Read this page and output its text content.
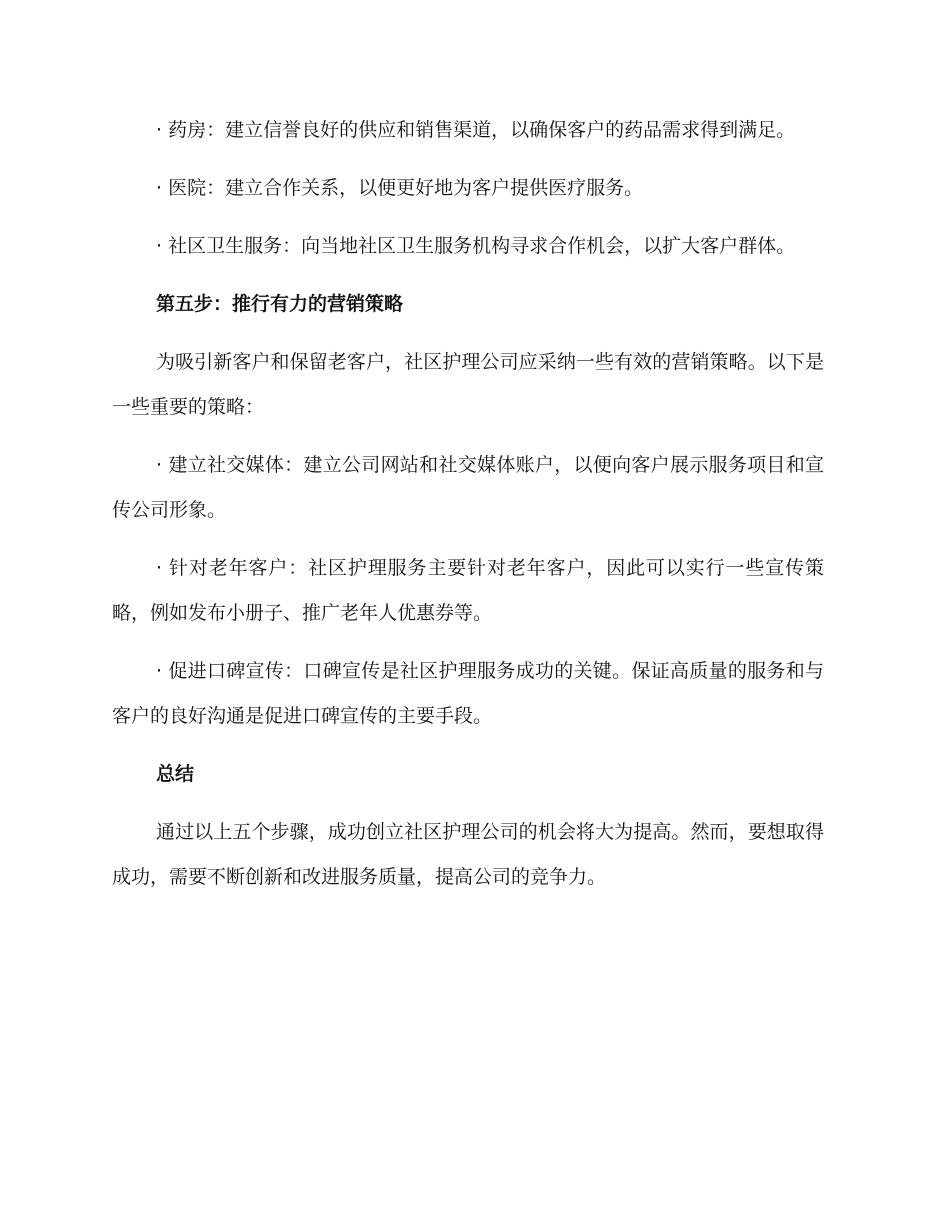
· 药房：建立信誉良好的供应和销售渠道，以确保客户的药品需求得到满足。

· 医院：建立合作关系，以便更好地为客户提供医疗服务。

· 社区卫生服务：向当地社区卫生服务机构寻求合作机会，以扩大客户群体。

第五步：推行有力的营销策略

为吸引新客户和保留老客户，社区护理公司应采纳一些有效的营销策略。以下是一些重要的策略：

· 建立社交媒体：建立公司网站和社交媒体账户，以便向客户展示服务项目和宣传公司形象。

· 针对老年客户：社区护理服务主要针对老年客户，因此可以实行一些宣传策略，例如发布小册子、推广老年人优惠券等。

· 促进口碑宣传：口碑宣传是社区护理服务成功的关键。保证高质量的服务和与客户的良好沟通是促进口碑宣传的主要手段。

总结

通过以上五个步骤，成功创立社区护理公司的机会将大为提高。然而，要想取得成功，需要不断创新和改进服务质量，提高公司的竞争力。
